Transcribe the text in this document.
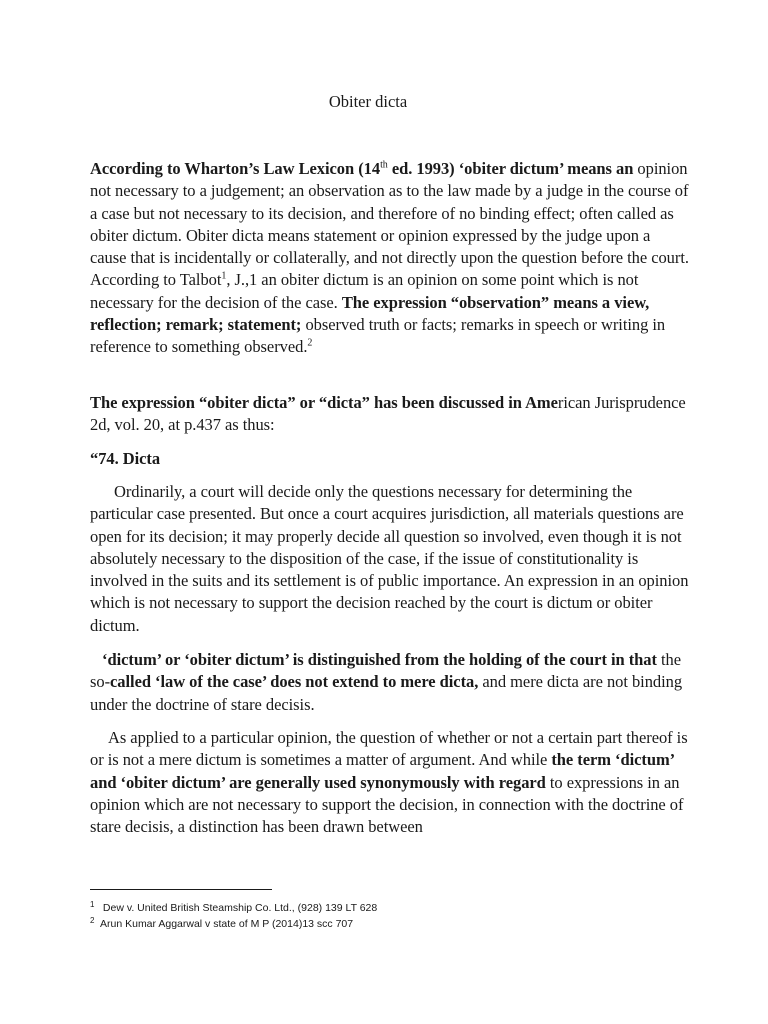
Obiter dicta

According to Wharton’s Law Lexicon (14th ed. 1993) ‘obiter dictum’ means an opinion not necessary to a judgement; an observation as to the law made by a judge in the course of a case but not necessary to its decision, and therefore of no binding effect; often called as obiter dictum. Obiter dicta means statement or opinion expressed by the judge upon a cause that is incidentally or collaterally, and not directly upon the question before the court. According to Talbot$^1$, J.,1 an obiter dictum is an opinion on some point which is not necessary for the decision of the case. The expression “observation” means a view, reflection; remark; statement; observed truth or facts; remarks in speech or writing in reference to something observed.$^2$

The expression “obiter dicta” or “dicta” has been discussed in American Jurisprudence 2d, vol. 20, at p.437 as thus:

“74. Dicta

Ordinarily, a court will decide only the questions necessary for determining the particular case presented. But once a court acquires jurisdiction, all materials questions are open for its decision; it may properly decide all question so involved, even though it is not absolutely necessary to the disposition of the case, if the issue of constitutionality is involved in the suits and its settlement is of public importance. An expression in an opinion which is not necessary to support the decision reached by the court is dictum or obiter dictum.

‘dictum’ or ‘obiter dictum’ is distinguished from the holding of the court in that the so-called ‘law of the case’ does not extend to mere dicta, and mere dicta are not binding under the doctrine of stare decisis.

As applied to a particular opinion, the question of whether or not a certain part thereof is or is not a mere dictum is sometimes a matter of argument. And while the term ‘dictum’ and ‘obiter dictum’ are generally used synonymously with regard to expressions in an opinion which are not necessary to support the decision, in connection with the doctrine of stare decisis, a distinction has been drawn between

1 Dew v. United British Steamship Co. Ltd., (928) 139 LT 628

2 Arun Kumar Aggarwal v state of M P (2014)13 scc 707
